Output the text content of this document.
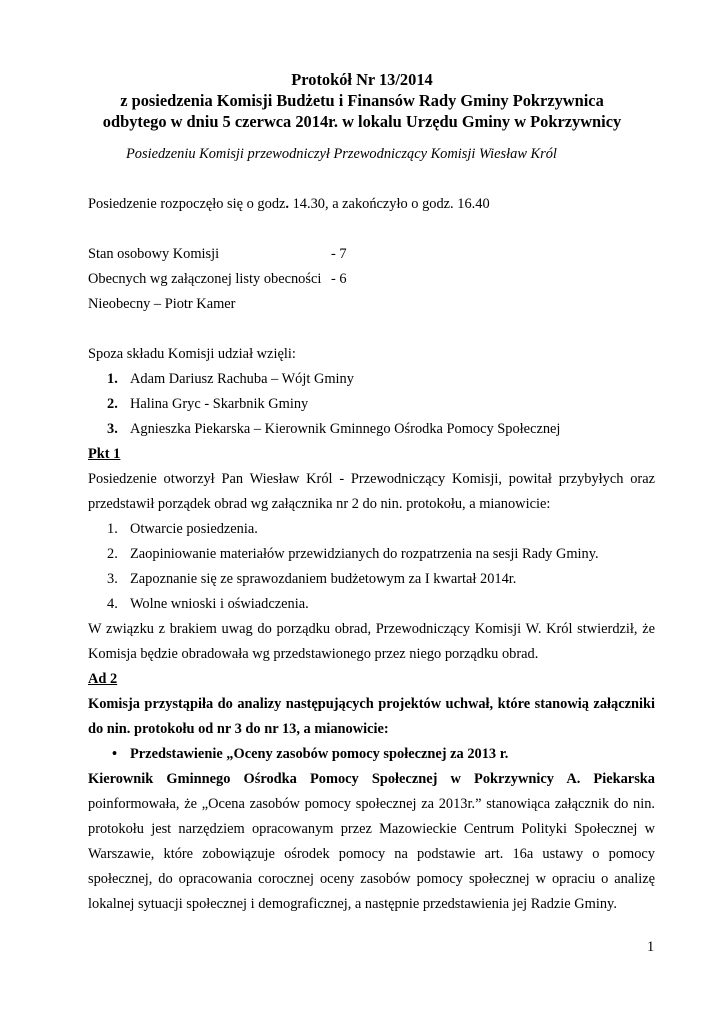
Protokół Nr 13/2014
z posiedzenia Komisji Budżetu i Finansów Rady Gminy Pokrzywnica
odbytego w dniu 5 czerwca 2014r. w lokalu Urzędu Gminy w Pokrzywnicy
Posiedzeniu Komisji przewodniczył Przewodniczący Komisji Wiesław Król
Posiedzenie rozpoczęło się o godz. 14.30, a zakończyło o godz. 16.40
Stan osobowy Komisji	- 7
Obecnych wg załączonej listy obecności - 6
Nieobecny – Piotr Kamer
Spoza składu Komisji udział wzięli:
1. Adam Dariusz Rachuba – Wójt Gminy
2. Halina Gryc - Skarbnik Gminy
3. Agnieszka Piekarska – Kierownik Gminnego Ośrodka Pomocy Społecznej
Pkt 1
Posiedzenie otworzył Pan Wiesław Król - Przewodniczący Komisji, powitał przybyłych oraz
przedstawił porządek obrad wg załącznika nr 2 do nin. protokołu, a mianowicie:
1. Otwarcie posiedzenia.
2. Zaopiniowanie materiałów przewidzianych do rozpatrzenia na sesji Rady Gminy.
3. Zapoznanie się ze sprawozdaniem budżetowym za I kwartał 2014r.
4. Wolne wnioski i oświadczenia.
W związku z brakiem uwag do porządku obrad, Przewodniczący Komisji W. Król stwierdził, że
Komisja będzie obradowała wg przedstawionego przez niego porządku obrad.
Ad 2
Komisja przystąpiła do analizy następujących projektów uchwał, które stanowią załączniki
do nin. protokołu od nr 3 do nr 13, a mianowicie:
• Przedstawienie „Oceny zasobów pomocy społecznej za 2013 r.
Kierownik Gminnego Ośrodka Pomocy Społecznej w Pokrzywnicy A. Piekarska
poinformowała, że „Ocena zasobów pomocy społecznej za 2013r.” stanowiąca załącznik do nin.
protokołu jest narzędziem opracowanym przez Mazowieckie Centrum Polityki Społecznej w
Warszawie, które zobowiązuje ośrodek pomocy na podstawie art. 16a ustawy o pomocy
społecznej, do opracowania corocznej oceny zasobów pomocy społecznej w opraciu o analizę
lokalnej sytuacji społecznej i demograficznej, a następnie przedstawienia jej Radzie Gminy.
1
